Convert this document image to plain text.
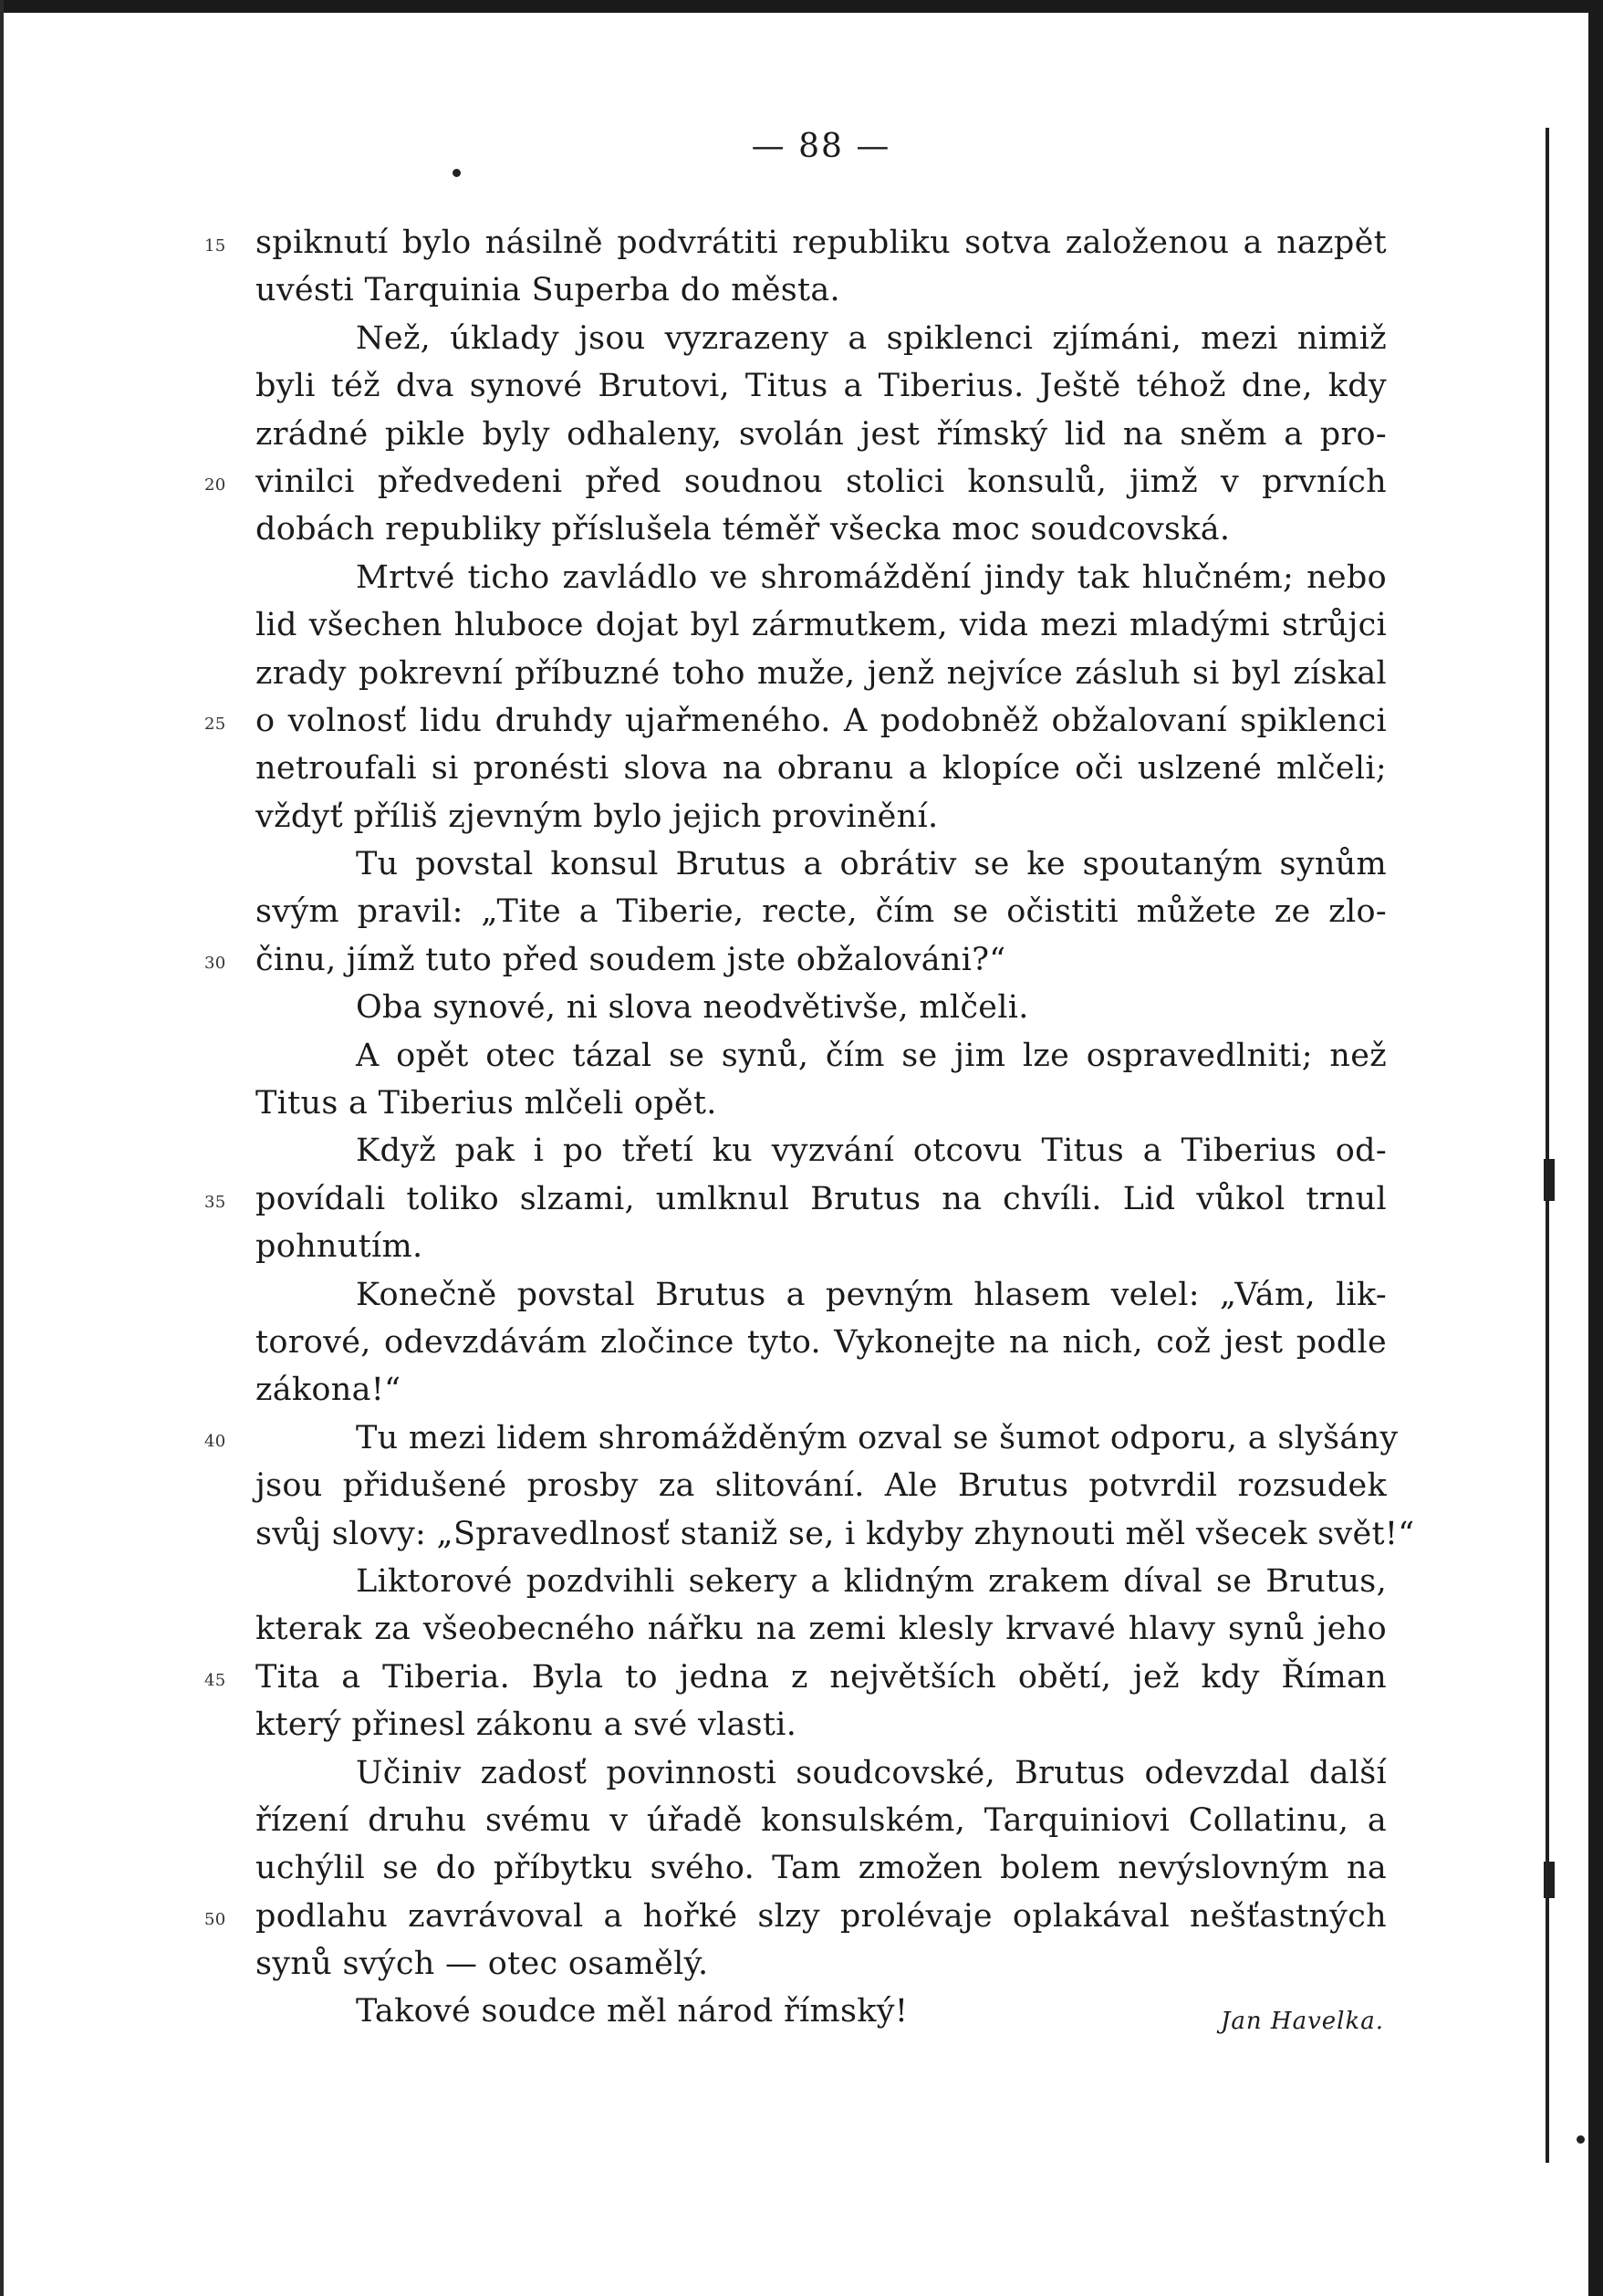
— 88 —
15 spiknutí bylo násilně podvrátiti republiku sotva založenou a nazpět
uvésti Tarquinia Superba do města.
Než, úklady jsou vyzrazeny a spiklenci zjímáni, mezi nimiž
byli též dva synové Brutovi, Titus a Tiberius. Ještě téhož dne, kdy
zrádné pikle byly odhaleny, svolán jest římský lid na sněm a pro-
20 vinilci předvedeni před soudnou stolici konsulů, jimž v prvních
dobách republiky příslušela téměř všecka moc soudcovská.
Mrtvé ticho zavládlo ve shromáždění jindy tak hlučném; nebo
lid všechen hluboce dojat byl zármutkem, vida mezi mladými strůjci
zrady pokrevní příbuzné toho muže, jenž nejvíce zásluh si byl získal
25 o volnosť lidu druhdy ujařmeného. A podobněž obžalovaní spiklenci
netroufali si pronésti slova na obranu a klopíce oči uslzené mlčeli;
vždyť příliš zjevným bylo jejich provinění.
Tu povstal konsul Brutus a obrátiv se ke spoutaným synům
svým pravil: „Tite a Tiberie, recte, čím se očistiti můžete ze zlo-
30 činu, jímž tuto před soudem jste obžalováni?“
Oba synové, ni slova neodvětivše, mlčeli.
A opět otec tázal se synů, čím se jim lze ospravedlniti; než
Titus a Tiberius mlčeli opět.
Když pak i po třetí ku vyzvání otcovu Titus a Tiberius od-
35 povídali toliko slzami, umlknul Brutus na chvíli. Lid vůkol trnul
pohnutím.
Konečně povstal Brutus a pevným hlasem velel: „Vám, lik-
torové, odevzdávám zločince tyto. Vykonejte na nich, což jest podle
zákona!“
40	Tu mezi lidem shromážděným ozval se šumot odporu, a slyšány
jsou přidušené prosby za slitování. Ale Brutus potvrdil rozsudek
svůj slovy: „Spravedlnosť staniž se, i kdyby zhynouti měl všecek svět!“
Liktorové pozdvihli sekery a klidným zrakem díval se Brutus,
kterak za všeobecného nářku na zemi klesly krvavé hlavy synů jeho
45 Tita a Tiberia. Byla to jedna z největších obětí, jež kdy Říman
který přinesl zákonu a své vlasti.
Učiniv zadosť povinnosti soudcovské, Brutus odevzdal další
řízení druhu svému v úřadě konsulském, Tarquiniovi Collatinu, a
uchýlil se do příbytku svého. Tam zmožen bolem nevýslovným na
50 podlahu zavrávoval a hořké slzy prolévaje oplakával nešťastných
synů svých — otec osamělý.
Takové soudce měl národ římský!	Jan Havelka.
